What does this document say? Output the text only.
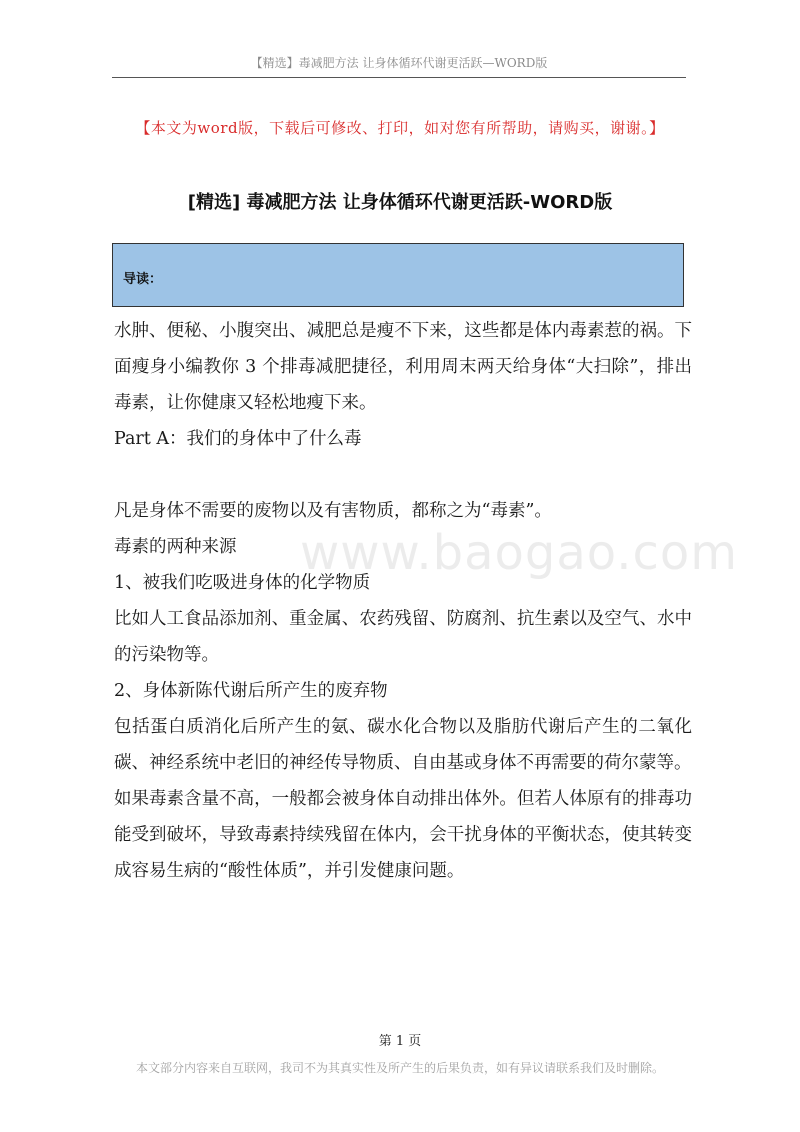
【精选】毒减肥方法 让身体循环代谢更活跃—WORD版
【本文为word版，下载后可修改、打印，如对您有所帮助，请购买，谢谢。】
[精选] 毒减肥方法 让身体循环代谢更活跃-WORD版
导读：

水肿、便秘、小腹突出、减肥总是瘦不下来，这些都是体内毒素惹的祸。下面瘦身小编教你 3 个排毒减肥捷径，利用周末两天给身体“大扫除”，排出毒素，让你健康又轻松地瘦下来。

Part A：我们的身体中了什么毒

凡是身体不需要的废物以及有害物质，都称之为“毒素”。

毒素的两种来源

1、被我们吃吸进身体的化学物质

比如人工食品添加剂、重金属、农药残留、防腐剂、抗生素以及空气、水中的污染物等。

2、身体新陈代谢后所产生的废弃物

包括蛋白质消化后所产生的氨、碳水化合物以及脂肪代谢后产生的二氧化碳、神经系统中老旧的神经传导物质、自由基或身体不再需要的荷尔蒙等。

如果毒素含量不高，一般都会被身体自动排出体外。但若人体原有的排毒功能受到破坏，导致毒素持续残留在体内，会干扰身体的平衡状态，使其转变成容易生病的“酸性体质”，并引发健康问题。

www.baogao.com
第 1 页
本文部分内容来自互联网，我司不为其真实性及所产生的后果负责，如有异议请联系我们及时删除。
